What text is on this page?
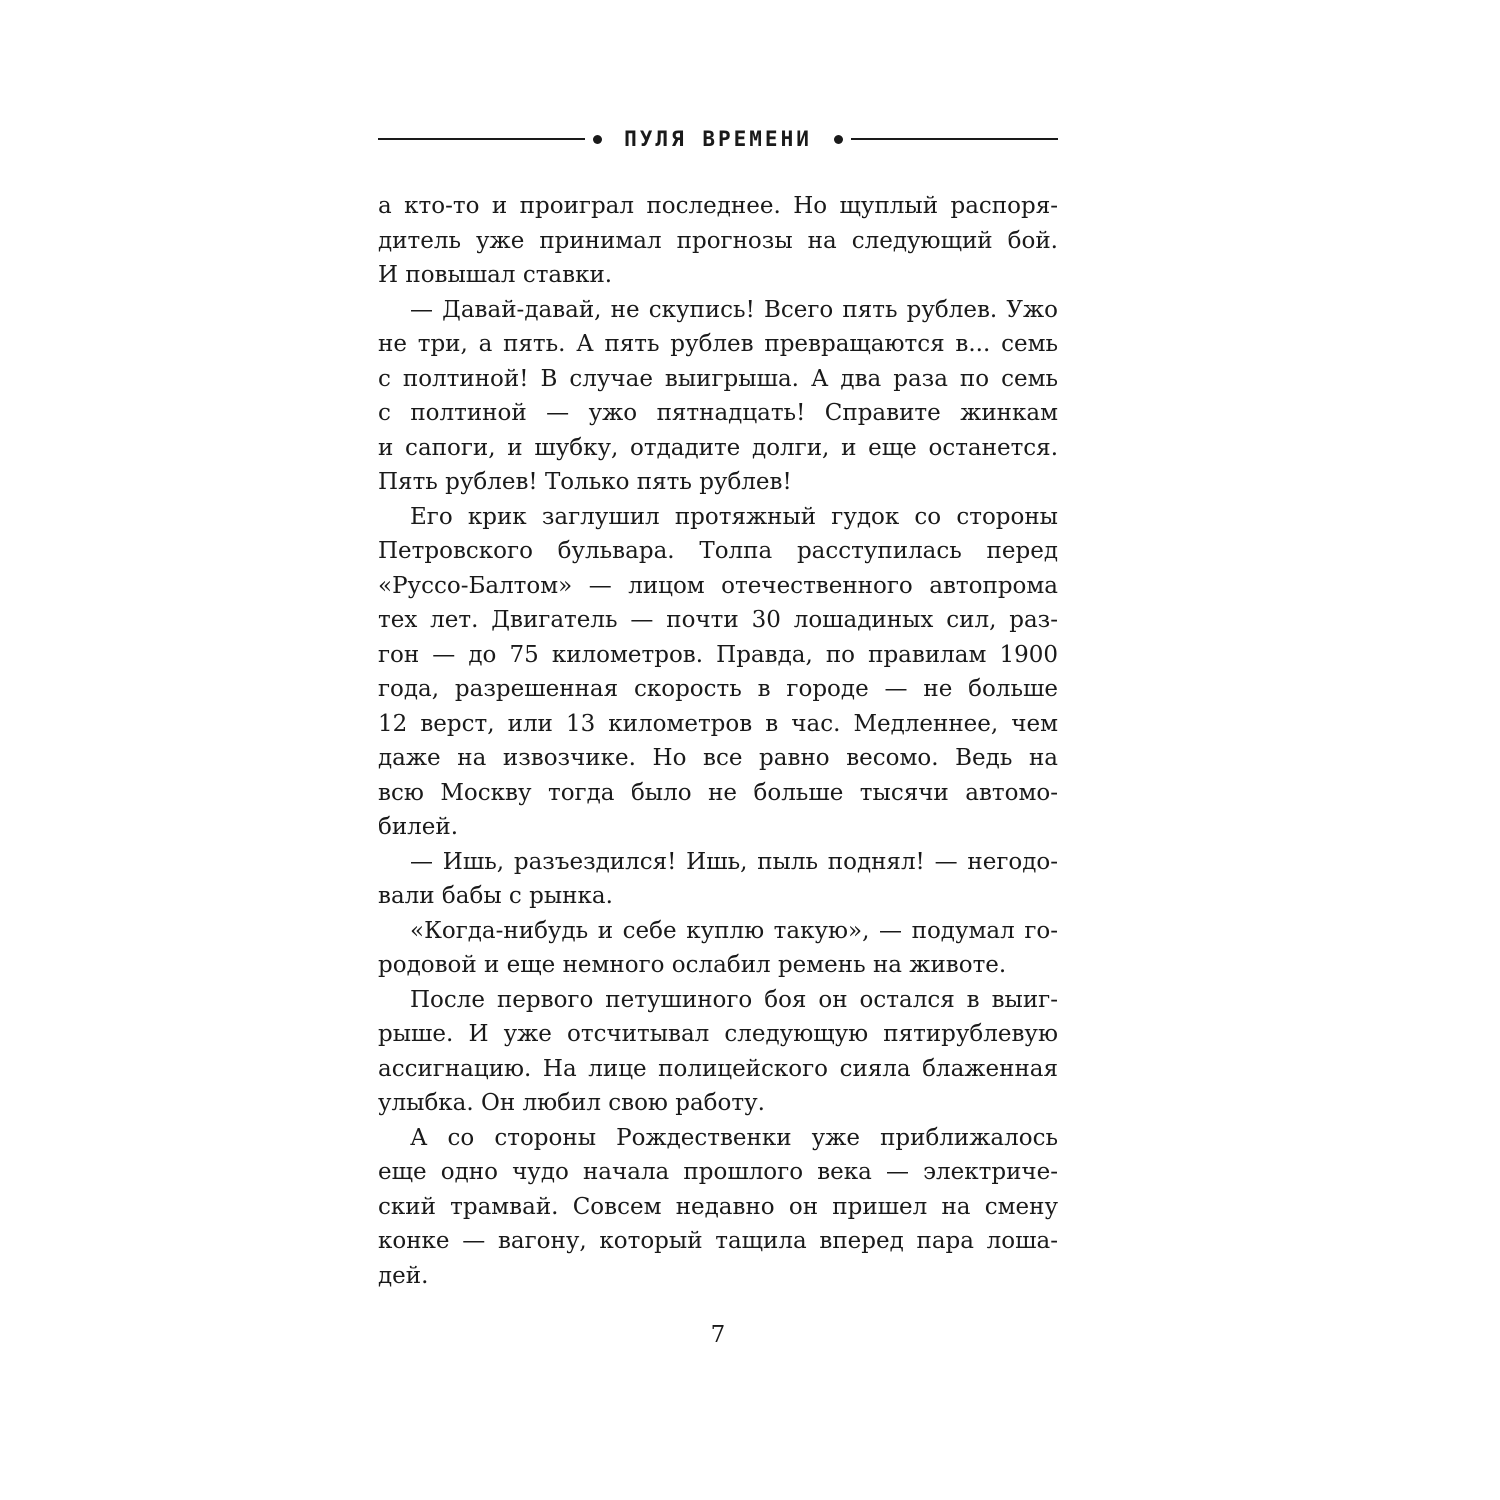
ПУЛЯ ВРЕМЕНИ

а кто-то и проиграл последнее. Но щуплый распоря-
дитель уже принимал прогнозы на следующий бой.
И повышал ставки.

— Давай-давай, не скупись! Всего пять рублев. Ужо
не три, а пять. А пять рублев превращаются в... семь
с полтиной! В случае выигрыша. А два раза по семь
с полтиной — ужо пятнадцать! Справите жинкам
и сапоги, и шубку, отдадите долги, и еще останется.
Пять рублев! Только пять рублев!

Его крик заглушил протяжный гудок со стороны
Петровского бульвара. Толпа расступилась перед
«Руссо-Балтом» — лицом отечественного автопрома
тех лет. Двигатель — почти 30 лошадиных сил, раз-
гон — до 75 километров. Правда, по правилам 1900
года, разрешенная скорость в городе — не больше
12 верст, или 13 километров в час. Медленнее, чем
даже на извозчике. Но все равно весомо. Ведь на
всю Москву тогда было не больше тысячи автомо-
билей.

— Ишь, разъездился! Ишь, пыль поднял! — негодо-
вали бабы с рынка.

«Когда-нибудь и себе куплю такую», — подумал го-
родовой и еще немного ослабил ремень на животе.

После первого петушиного боя он остался в выиг-
рыше. И уже отсчитывал следующую пятирублевую
ассигнацию. На лице полицейского сияла блаженная
улыбка. Он любил свою работу.

А со стороны Рождественки уже приближалось
еще одно чудо начала прошлого века — электриче-
ский трамвай. Совсем недавно он пришел на смену
конке — вагону, который тащила вперед пара лоша-
дей.

7
